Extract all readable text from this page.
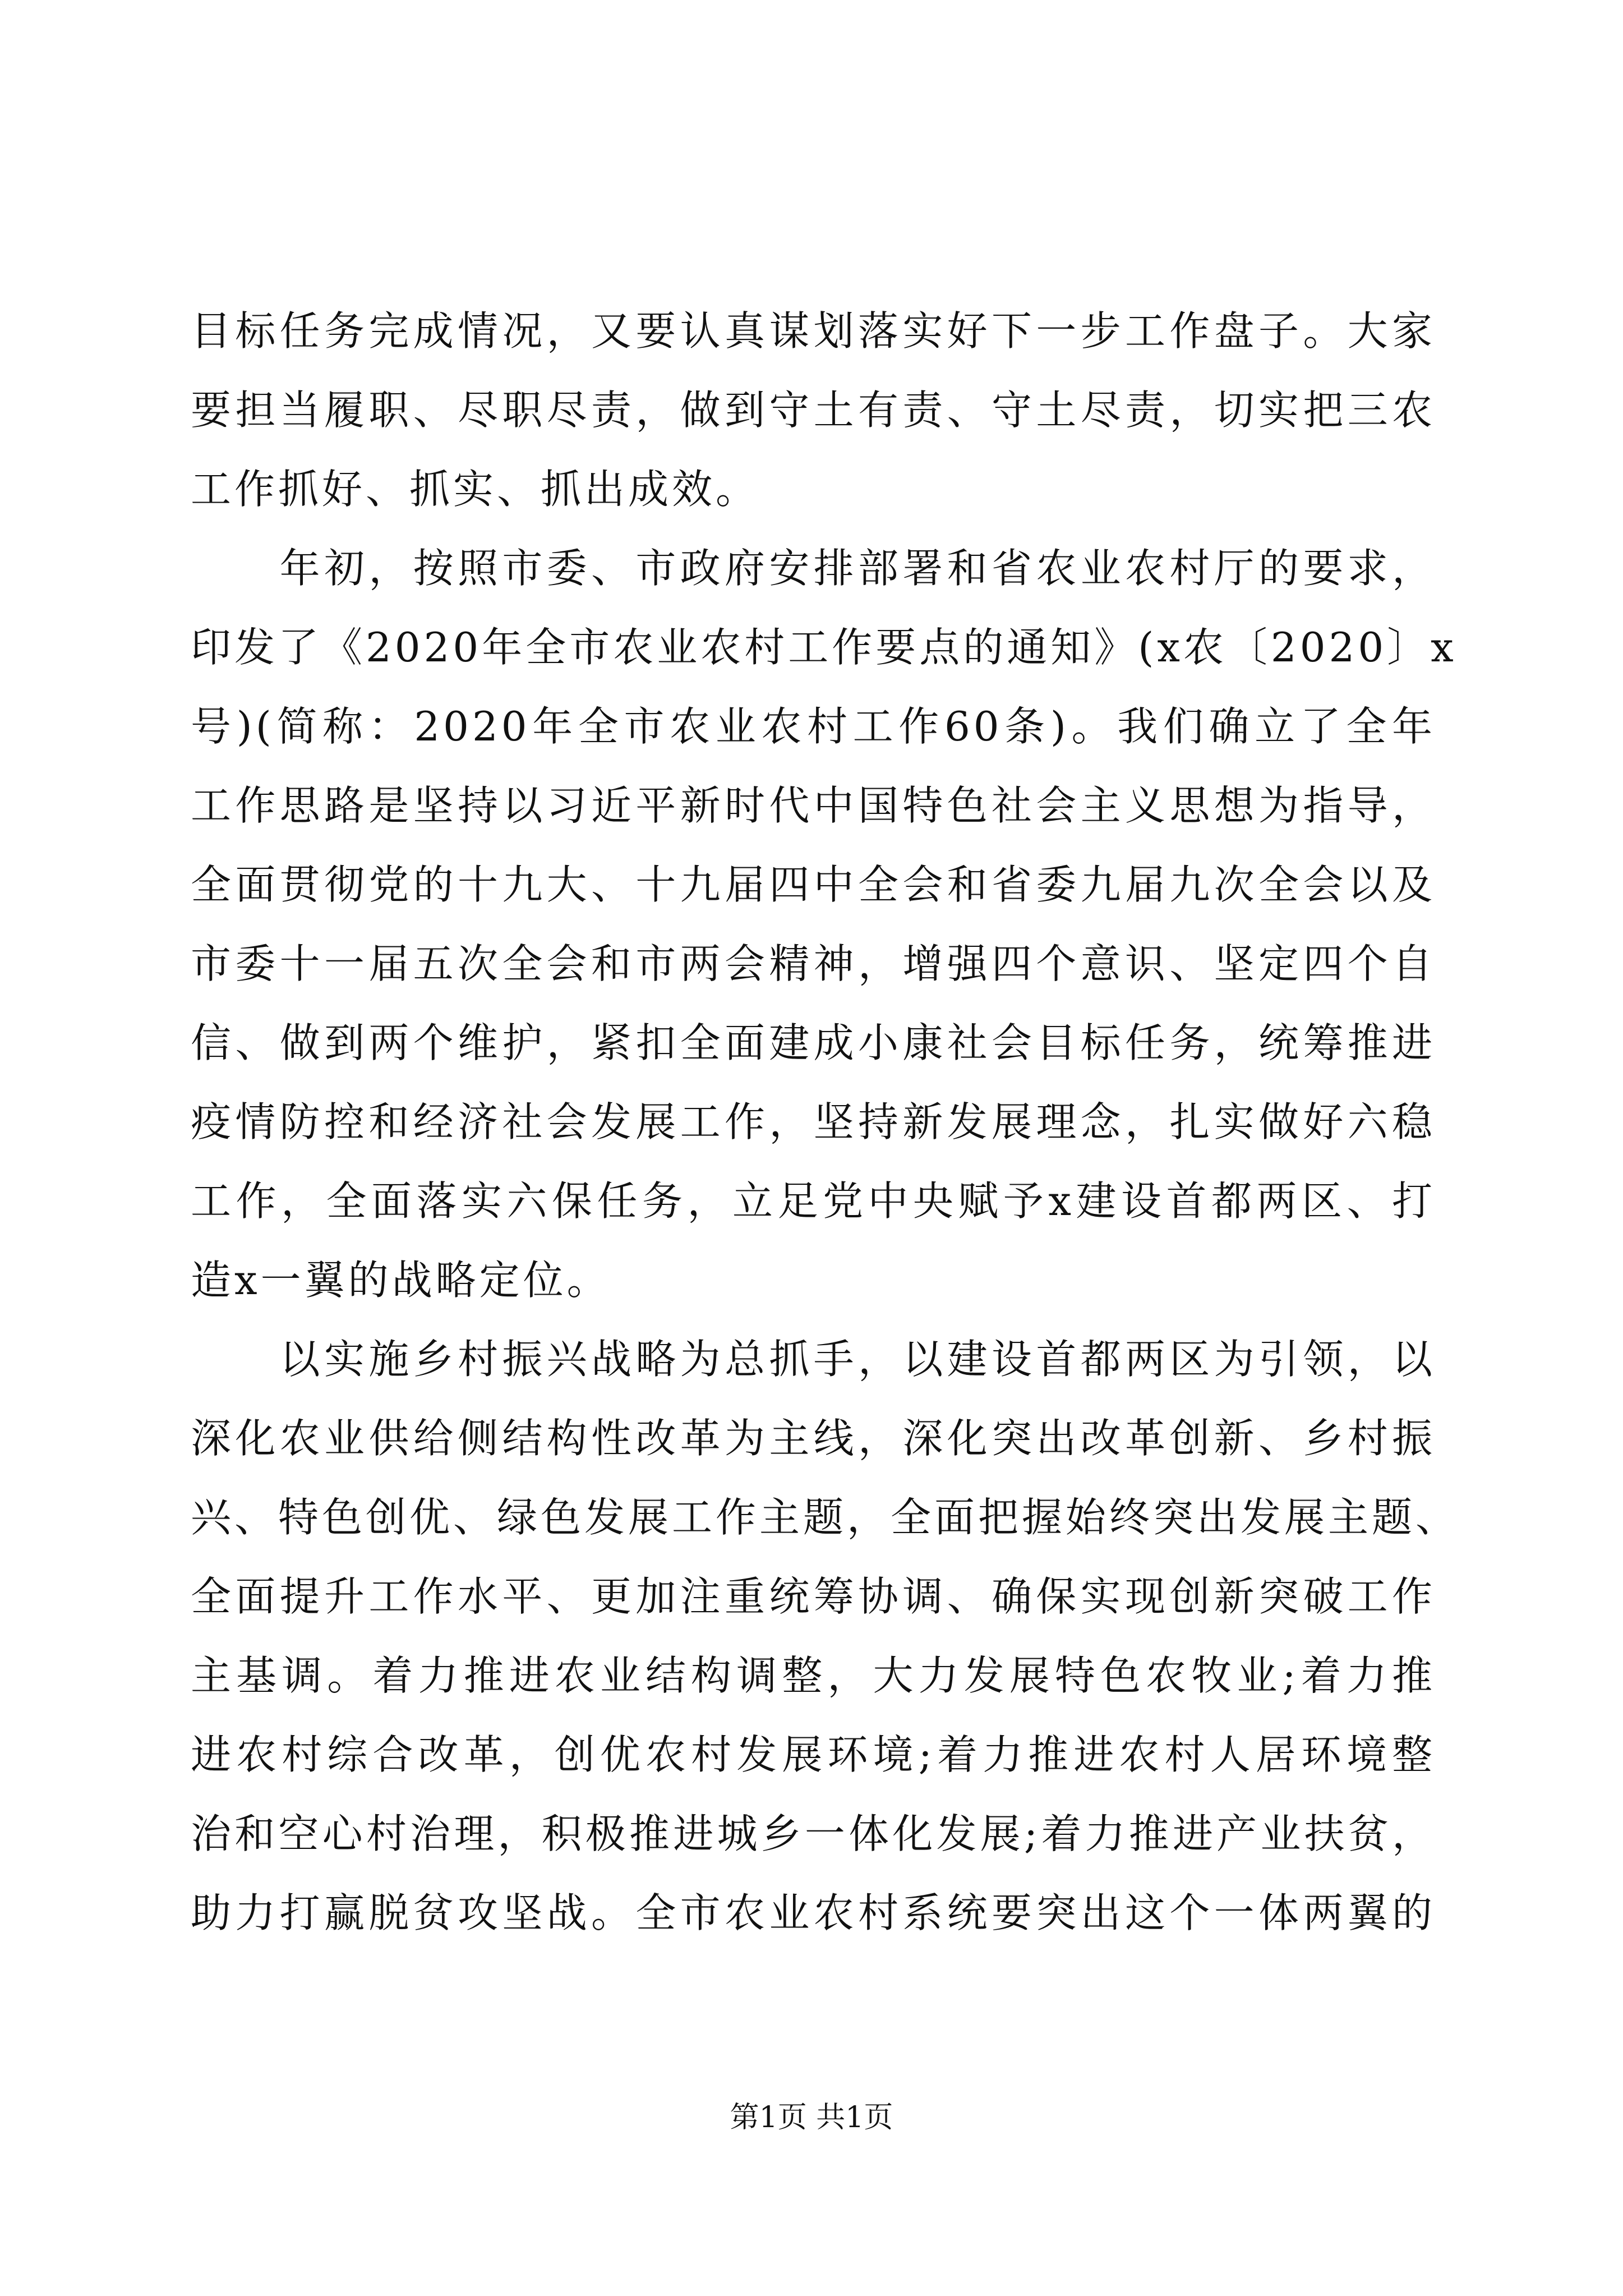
目标任务完成情况，又要认真谋划落实好下一步工作盘子。大家
要担当履职、尽职尽责，做到守土有责、守土尽责，切实把三农
工作抓好、抓实、抓出成效。
　　年初，按照市委、市政府安排部署和省农业农村厅的要求，
印发了《2020年全市农业农村工作要点的通知》(x农〔2020〕x
号)(简称：2020年全市农业农村工作60条)。我们确立了全年
工作思路是坚持以习近平新时代中国特色社会主义思想为指导，
全面贯彻党的十九大、十九届四中全会和省委九届九次全会以及
市委十一届五次全会和市两会精神，增强四个意识、坚定四个自
信、做到两个维护，紧扣全面建成小康社会目标任务，统筹推进
疫情防控和经济社会发展工作，坚持新发展理念，扎实做好六稳
工作，全面落实六保任务，立足党中央赋予x建设首都两区、打
造x一翼的战略定位。
　　以实施乡村振兴战略为总抓手，以建设首都两区为引领，以
深化农业供给侧结构性改革为主线，深化突出改革创新、乡村振
兴、特色创优、绿色发展工作主题，全面把握始终突出发展主题、
全面提升工作水平、更加注重统筹协调、确保实现创新突破工作
主基调。着力推进农业结构调整，大力发展特色农牧业;着力推
进农村综合改革，创优农村发展环境;着力推进农村人居环境整
治和空心村治理，积极推进城乡一体化发展;着力推进产业扶贫，
助力打赢脱贫攻坚战。全市农业农村系统要突出这个一体两翼的
第1页 共1页
